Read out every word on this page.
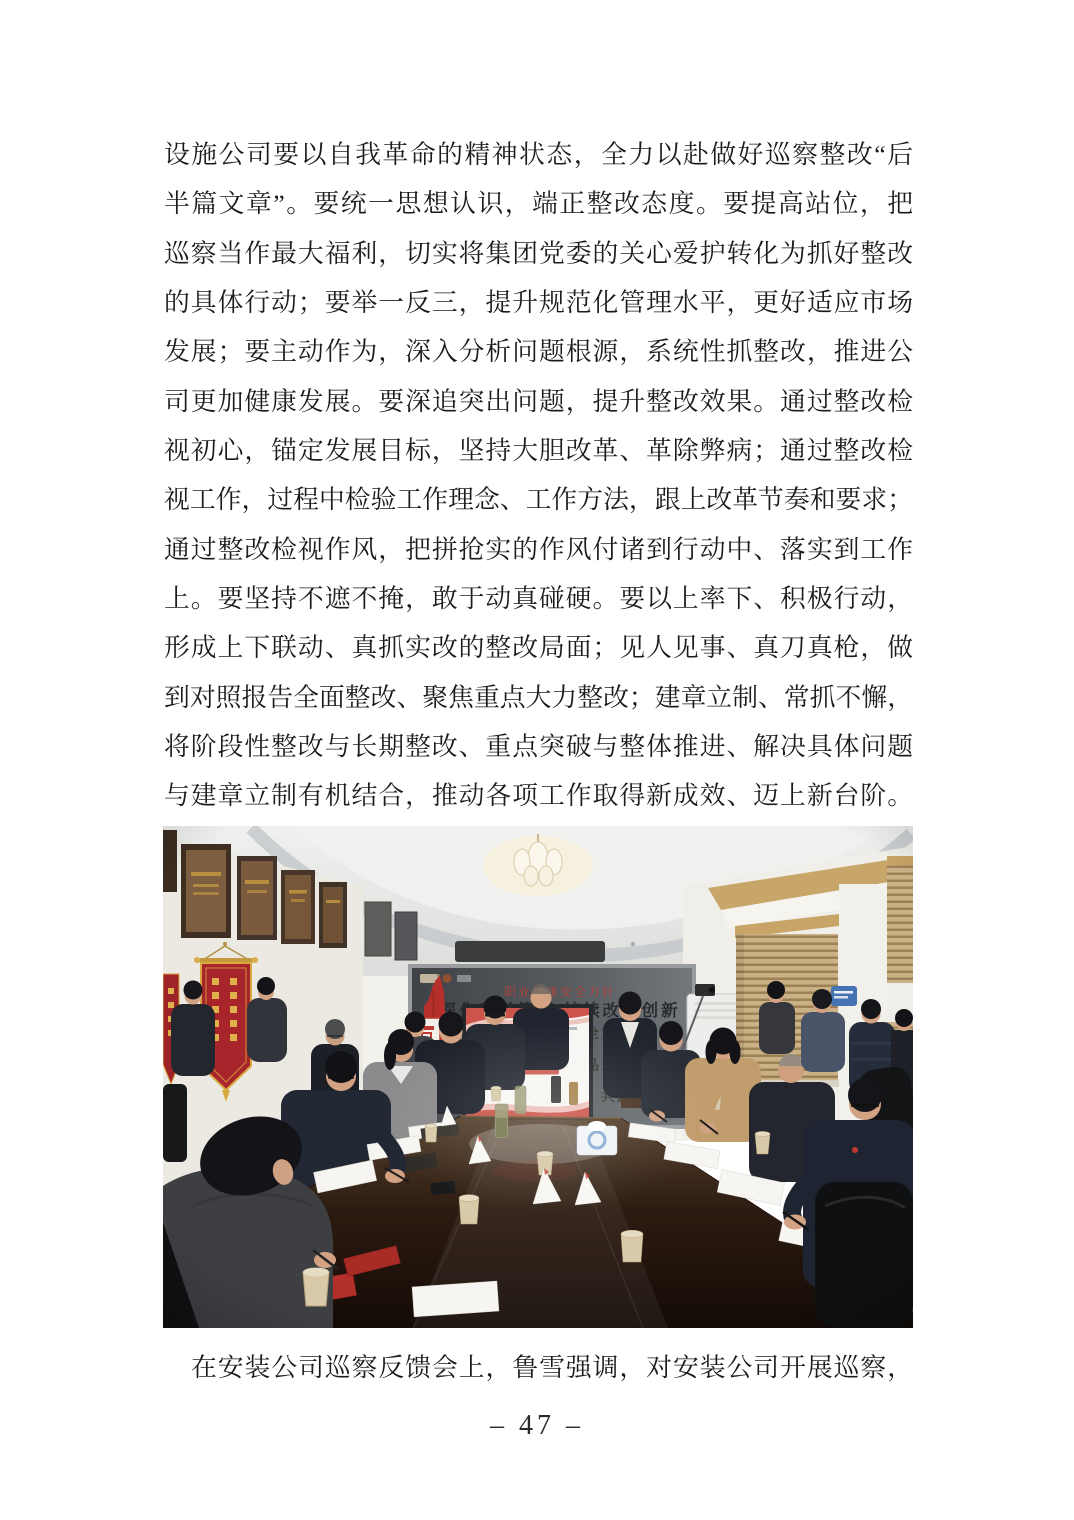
设施公司要以自我革命的精神状态，全力以赴做好巡察整改“后
半篇文章”。要统一思想认识，端正整改态度。要提高站位，把
巡察当作最大福利，切实将集团党委的关心爱护转化为抓好整改
的具体行动；要举一反三，提升规范化管理水平，更好适应市场
发展；要主动作为，深入分析问题根源，系统性抓整改，推进公
司更加健康发展。要深追突出问题，提升整改效果。通过整改检
视初心，锚定发展目标，坚持大胆改革、革除弊病；通过整改检
视工作，过程中检验工作理念、工作方法，跟上改革节奏和要求；
通过整改检视作风，把拼抢实的作风付诸到行动中、落实到工作
上。要坚持不遮不掩，敢于动真碰硬。要以上率下、积极行动，
形成上下联动、真抓实改的整改局面；见人见事、真刀真枪，做
到对照报告全面整改、聚焦重点大力整改；建章立制、常抓不懈，
将阶段性整改与长期整改、重点突破与整体推进、解决具体问题
与建章立制有机结合，推动各项工作取得新成效、迈上新台阶。
在安装公司巡察反馈会上，鲁雪强调，对安装公司开展巡察，
– 47 –
